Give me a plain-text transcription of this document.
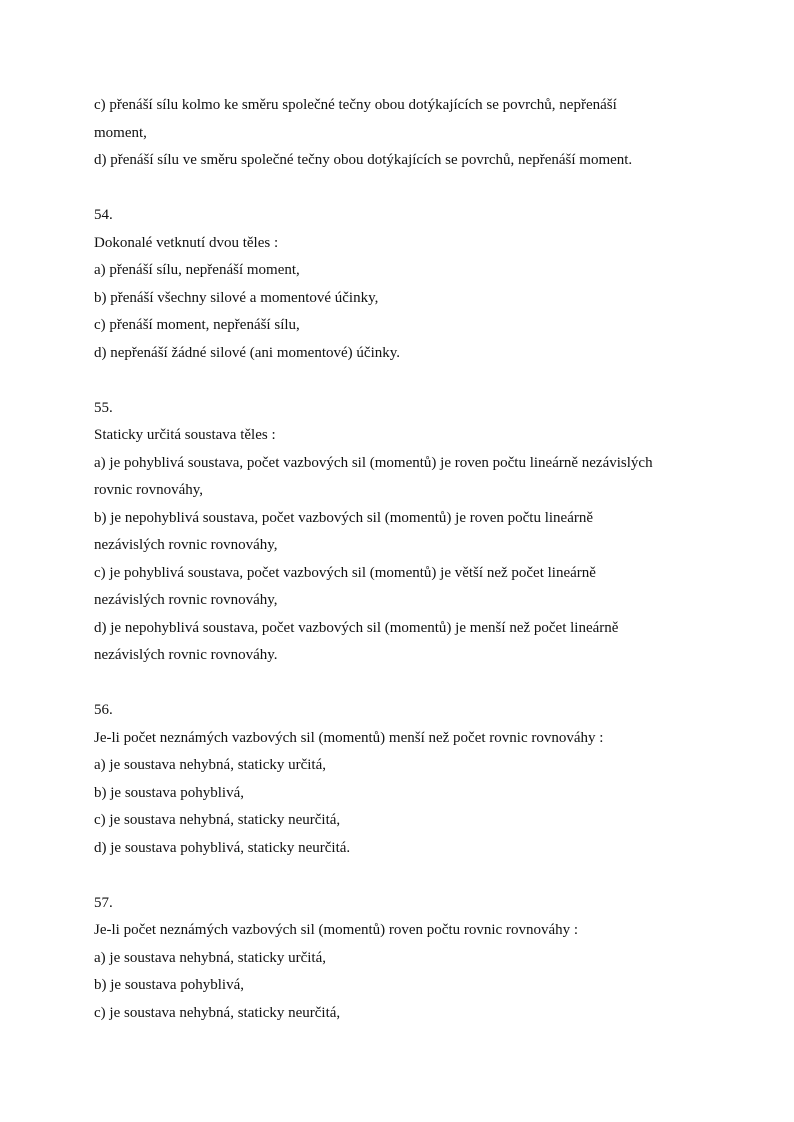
c) přenáší sílu kolmo ke směru společné tečny obou dotýkajících se povrchů, nepřenáší
moment,
d) přenáší sílu ve směru společné tečny obou dotýkajících se povrchů, nepřenáší moment.
54.
Dokonalé vetknutí dvou těles :
a) přenáší sílu, nepřenáší moment,
b) přenáší všechny silové a momentové účinky,
c) přenáší moment, nepřenáší sílu,
d) nepřenáší žádné silové (ani momentové) účinky.
55.
Staticky určitá soustava těles :
a) je pohyblivá soustava, počet vazbových sil (momentů) je roven počtu lineárně nezávislých
rovnic rovnováhy,
b) je nepohyblivá soustava, počet vazbových sil (momentů) je roven počtu lineárně
nezávislých rovnic rovnováhy,
c) je pohyblivá soustava, počet vazbových sil (momentů) je větší než počet lineárně
nezávislých rovnic rovnováhy,
d) je nepohyblivá soustava, počet vazbových sil (momentů) je menší než počet lineárně
nezávislých rovnic rovnováhy.
56.
Je-li počet neznámých vazbových sil (momentů) menší než počet rovnic rovnováhy :
a) je soustava nehybná, staticky určitá,
b) je soustava pohyblivá,
c) je soustava nehybná, staticky neurčitá,
d) je soustava pohyblivá, staticky neurčitá.
57.
Je-li počet neznámých vazbových sil (momentů) roven počtu rovnic rovnováhy :
a) je soustava nehybná, staticky určitá,
b) je soustava pohyblivá,
c) je soustava nehybná, staticky neurčitá,
